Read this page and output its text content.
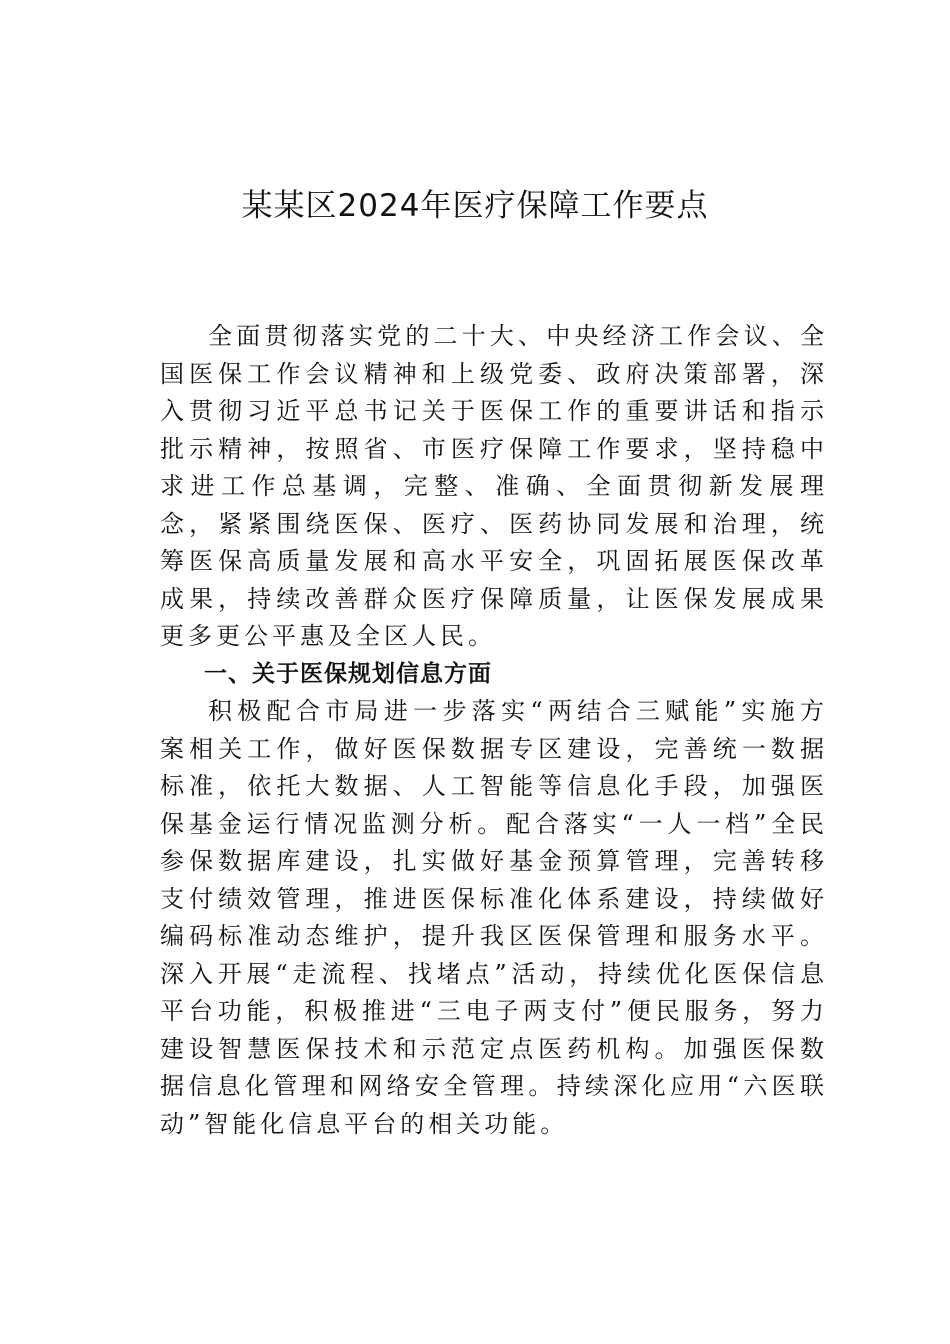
某某区2024年医疗保障工作要点

全面贯彻落实党的二十大、中央经济工作会议、全国医保工作会议精神和上级党委、政府决策部署，深入贯彻习近平总书记关于医保工作的重要讲话和指示批示精神，按照省、市医疗保障工作要求，坚持稳中求进工作总基调，完整、准确、全面贯彻新发展理念，紧紧围绕医保、医疗、医药协同发展和治理，统筹医保高质量发展和高水平安全，巩固拓展医保改革成果，持续改善群众医疗保障质量，让医保发展成果更多更公平惠及全区人民。

一、关于医保规划信息方面

积极配合市局进一步落实“两结合三赋能”实施方案相关工作，做好医保数据专区建设，完善统一数据标准，依托大数据、人工智能等信息化手段，加强医保基金运行情况监测分析。配合落实“一人一档”全民参保数据库建设，扎实做好基金预算管理，完善转移支付绩效管理，推进医保标准化体系建设，持续做好编码标准动态维护，提升我区医保管理和服务水平。深入开展“走流程、找堵点”活动，持续优化医保信息平台功能，积极推进“三电子两支付”便民服务，努力建设智慧医保技术和示范定点医药机构。加强医保数据信息化管理和网络安全管理。持续深化应用“六医联动”智能化信息平台的相关功能。
